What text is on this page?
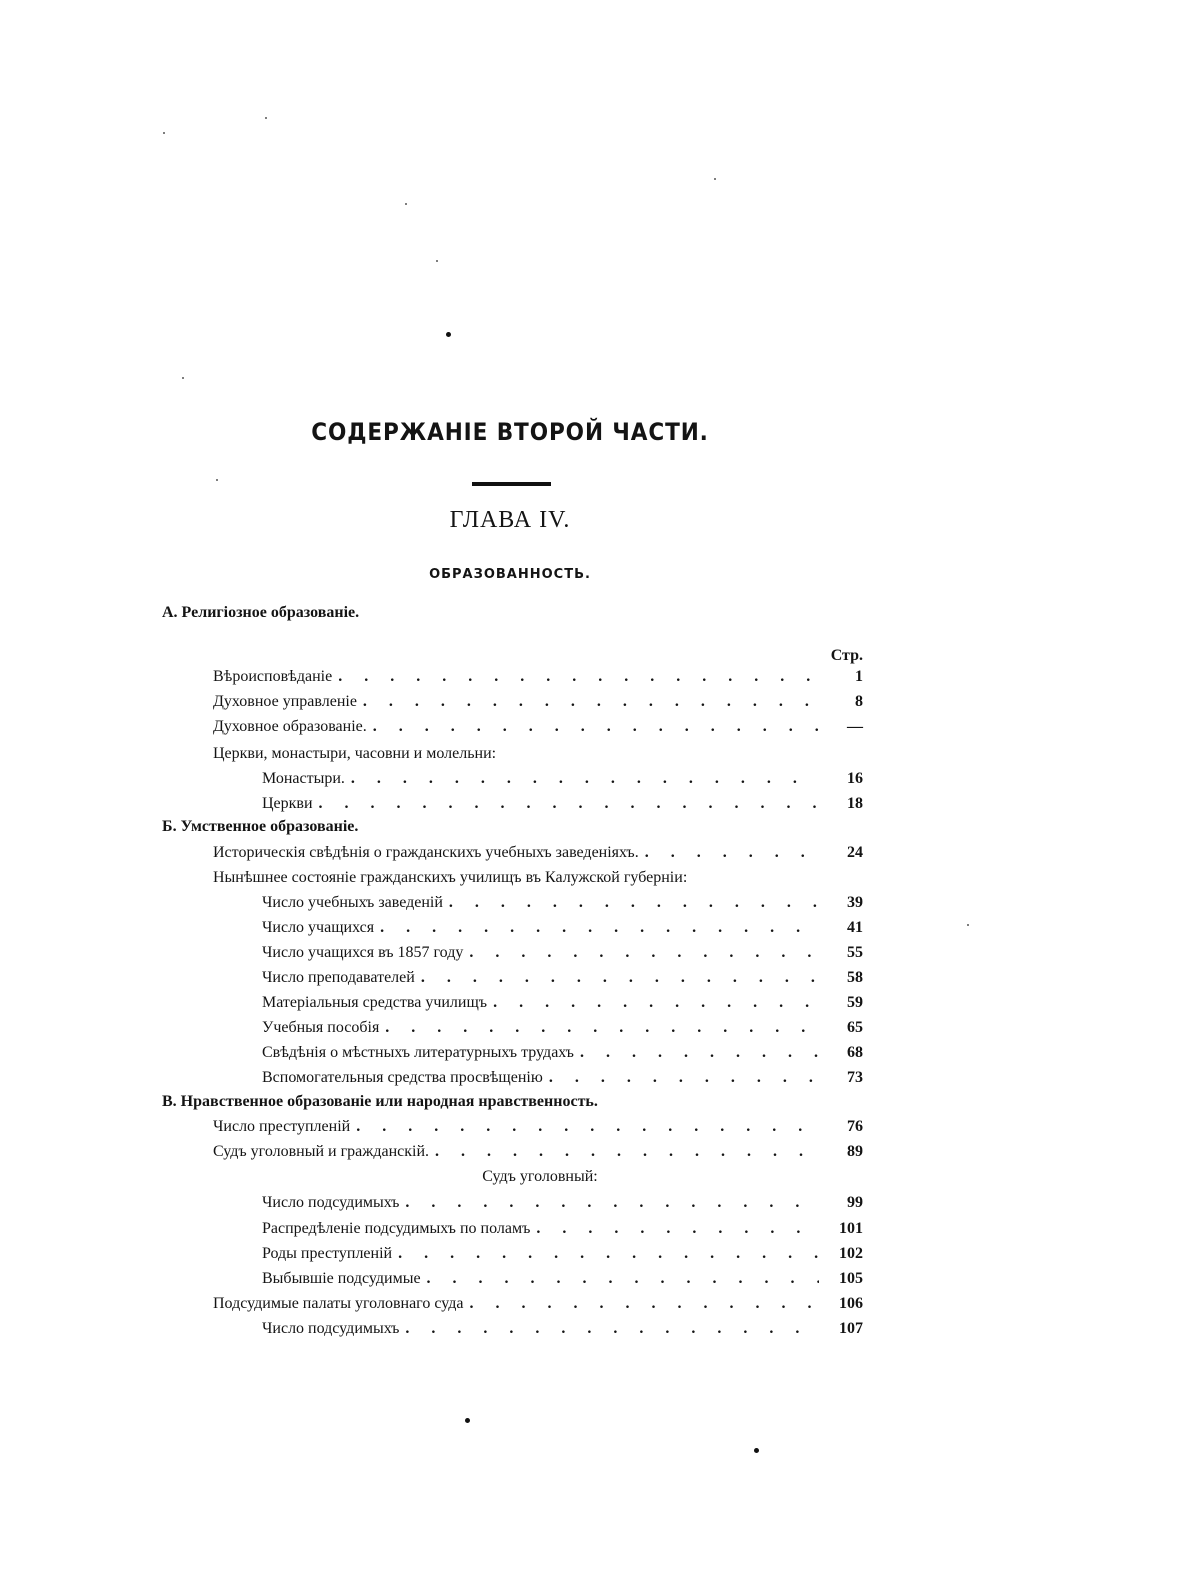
СОДЕРЖАНІЕ ВТОРОЙ ЧАСТИ.
ГЛАВА IV.
ОБРАЗОВАННОСТЬ.
Стр.
А. Религіозное образованіе.
Вѣроисповѣданіе . . .	1
Духовное управленіе . . .	8
Духовное образованіе. . . .	—
Церкви, монастыри, часовни и молельни:
Монастыри. . . .	16
Церкви . . .	18
Б. Умственное образованіе.
Историческія свѣдѣнія о гражданскихъ учебныхъ заведеніяхъ. . . .	24
Нынѣшнее состояніе гражданскихъ училищъ въ Калужской губерніи:
Число учебныхъ заведеній . . .	39
Число учащихся . . .	41
Число учащихся въ 1857 году . . .	55
Число преподавателей . . .	58
Матеріальныя средства училищъ . . .	59
Учебныя пособія . . .	65
Свѣдѣнія о мѣстныхъ литературныхъ трудахъ . . .	68
Вспомогательныя средства просвѣщенію . . .	73
В. Нравственное образованіе или народная нравственность.
Число преступленій . . .	76
Судъ уголовный и гражданскій. . . .	89
Судъ уголовный:
Число подсудимыхъ . . .	99
Распредѣленіе подсудимыхъ по поламъ . . .	101
Роды преступленій . . .	102
Выбывшіе подсудимые . . .	105
Подсудимые палаты уголовнаго суда . . .	106
Число подсудимыхъ . . .	107
